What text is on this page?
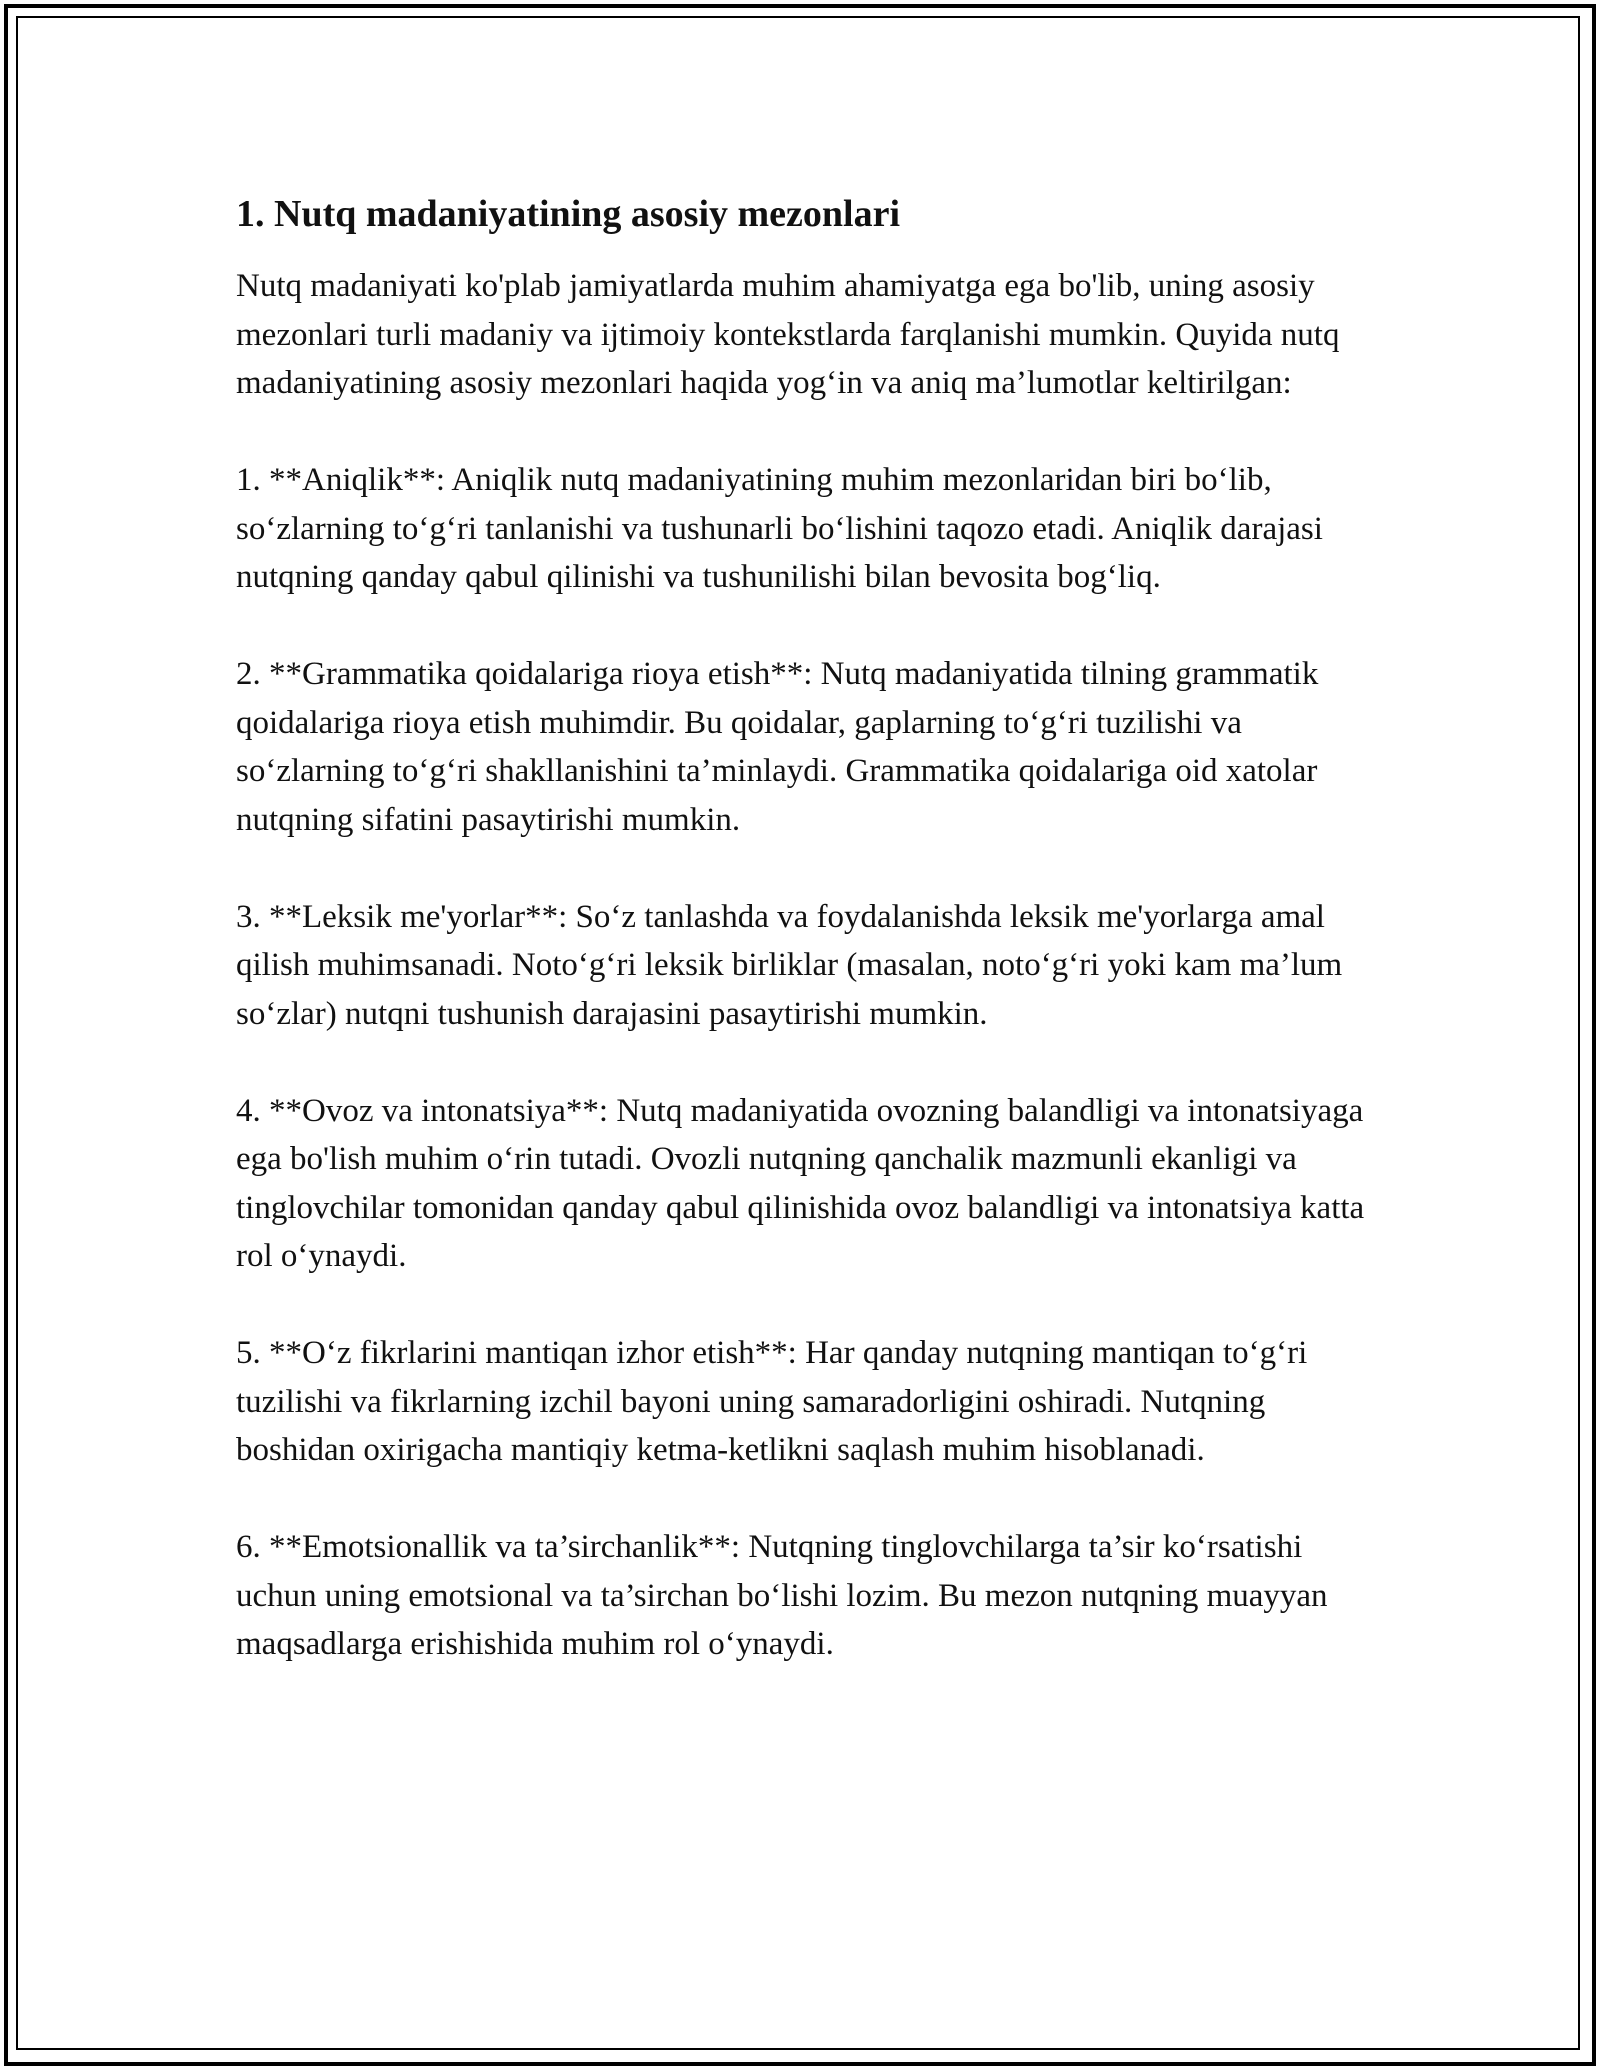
1. Nutq madaniyatining asosiy mezonlari

Nutq madaniyati ko'plab jamiyatlarda muhim ahamiyatga ega bo'lib, uning asosiy mezonlari turli madaniy va ijtimoiy kontekstlarda farqlanishi mumkin. Quyida nutq madaniyatining asosiy mezonlari haqida yog‘in va aniq ma’lumotlar keltirilgan:

1. **Aniqlik**: Aniqlik nutq madaniyatining muhim mezonlaridan biri bo‘lib, so‘zlarning to‘g‘ri tanlanishi va tushunarli bo‘lishini taqozo etadi. Aniqlik darajasi nutqning qanday qabul qilinishi va tushunilishi bilan bevosita bog‘liq.

2. **Grammatika qoidalariga rioya etish**: Nutq madaniyatida tilning grammatik qoidalariga rioya etish muhimdir. Bu qoidalar, gaplarning to‘g‘ri tuzilishi va so‘zlarning to‘g‘ri shakllanishini ta’minlaydi. Grammatika qoidalariga oid xatolar nutqning sifatini pasaytirishi mumkin.

3. **Leksik me'yorlar**: So‘z tanlashda va foydalanishda leksik me'yorlarga amal qilish muhimsanadi. Noto‘g‘ri leksik birliklar (masalan, noto‘g‘ri yoki kam ma’lum so‘zlar) nutqni tushunish darajasini pasaytirishi mumkin.

4. **Ovoz va intonatsiya**: Nutq madaniyatida ovozning balandligi va intonatsiyaga ega bo'lish muhim o‘rin tutadi. Ovozli nutqning qanchalik mazmunli ekanligi va tinglovchilar tomonidan qanday qabul qilinishida ovoz balandligi va intonatsiya katta rol o‘ynaydi.

5. **O‘z fikrlarini mantiqan izhor etish**: Har qanday nutqning mantiqan to‘g‘ri tuzilishi va fikrlarning izchil bayoni uning samaradorligini oshiradi. Nutqning boshidan oxirigacha mantiqiy ketma-ketlikni saqlash muhim hisoblanadi.

6. **Emotsionallik va ta’sirchanlik**: Nutqning tinglovchilarga ta’sir ko‘rsatishi uchun uning emotsional va ta’sirchan bo‘lishi lozim. Bu mezon nutqning muayyan maqsadlarga erishishida muhim rol o‘ynaydi.
